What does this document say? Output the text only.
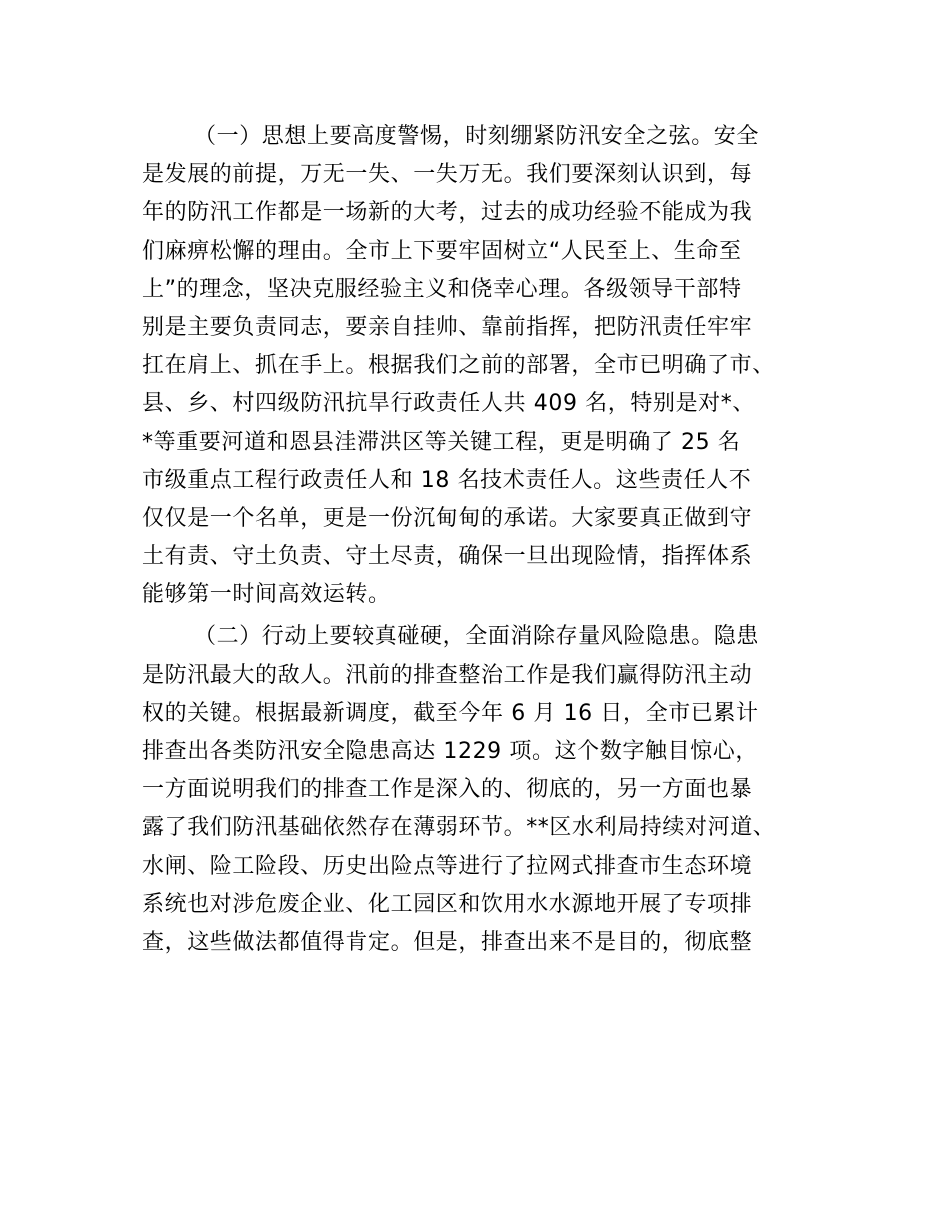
（一）思想上要高度警惕，时刻绷紧防汛安全之弦。安全
是发展的前提，万无一失、一失万无。我们要深刻认识到，每
年的防汛工作都是一场新的大考，过去的成功经验不能成为我
们麻痹松懈的理由。全市上下要牢固树立“人民至上、生命至
上”的理念，坚决克服经验主义和侥幸心理。各级领导干部特
别是主要负责同志，要亲自挂帅、靠前指挥，把防汛责任牢牢
扛在肩上、抓在手上。根据我们之前的部署，全市已明确了市、
县、乡、村四级防汛抗旱行政责任人共 409 名，特别是对*、
*等重要河道和恩县洼滞洪区等关键工程，更是明确了 25 名
市级重点工程行政责任人和 18 名技术责任人。这些责任人不
仅仅是一个名单，更是一份沉甸甸的承诺。大家要真正做到守
土有责、守土负责、守土尽责，确保一旦出现险情，指挥体系
能够第一时间高效运转。
（二）行动上要较真碰硬，全面消除存量风险隐患。隐患
是防汛最大的敌人。汛前的排查整治工作是我们赢得防汛主动
权的关键。根据最新调度，截至今年 6 月 16 日，全市已累计
排查出各类防汛安全隐患高达 1229 项。这个数字触目惊心，
一方面说明我们的排查工作是深入的、彻底的，另一方面也暴
露了我们防汛基础依然存在薄弱环节。**区水利局持续对河道、
水闸、险工险段、历史出险点等进行了拉网式排查市生态环境
系统也对涉危废企业、化工园区和饮用水水源地开展了专项排
查，这些做法都值得肯定。但是，排查出来不是目的，彻底整
